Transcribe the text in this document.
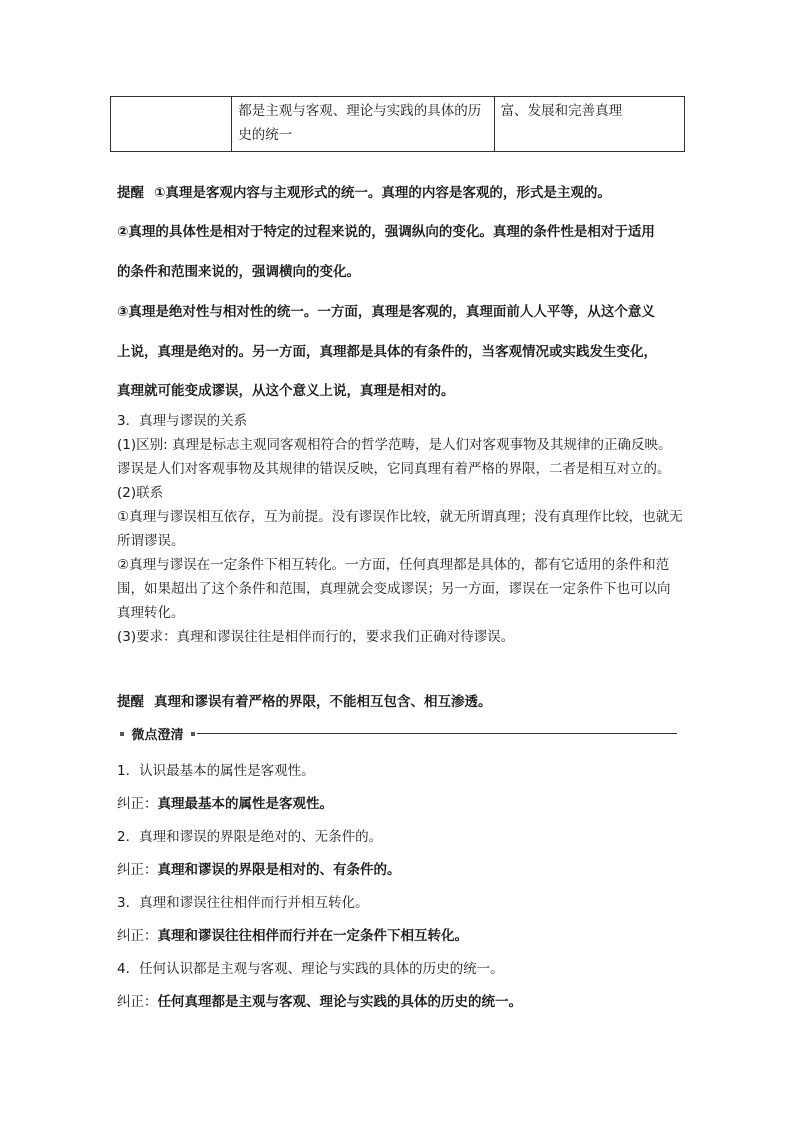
	都是主观与客观、理论与实践的具体的历史的统一	富、发展和完善真理
提醒 ①真理是客观内容与主观形式的统一。真理的内容是客观的，形式是主观的。
②真理的具体性是相对于特定的过程来说的，强调纵向的变化。真理的条件性是相对于适用
的条件和范围来说的，强调横向的变化。
③真理是绝对性与相对性的统一。一方面，真理是客观的，真理面前人人平等，从这个意义
上说，真理是绝对的。另一方面，真理都是具体的有条件的，当客观情况或实践发生变化，
真理就可能变成谬误，从这个意义上说，真理是相对的。

3．真理与谬误的关系

(1)区别: 真理是标志主观同客观相符合的哲学范畴，是人们对客观事物及其规律的正确反映。谬误是人们对客观事物及其规律的错误反映，它同真理有着严格的界限，二者是相互对立的。

(2)联系

①真理与谬误相互依存，互为前提。没有谬误作比较，就无所谓真理；没有真理作比较，也就无所谓谬误。

②真理与谬误在一定条件下相互转化。一方面，任何真理都是具体的，都有它适用的条件和范围，如果超出了这个条件和范围，真理就会变成谬误；另一方面，谬误在一定条件下也可以向真理转化。

(3)要求：真理和谬误往往是相伴而行的，要求我们正确对待谬误。

提醒 真理和谬误有着严格的界限，不能相互包含、相互渗透。
微点澄清
1．认识最基本的属性是客观性。
纠正：真理最基本的属性是客观性。
2．真理和谬误的界限是绝对的、无条件的。
纠正：真理和谬误的界限是相对的、有条件的。
3．真理和谬误往往相伴而行并相互转化。
纠正：真理和谬误往往相伴而行并在一定条件下相互转化。
4．任何认识都是主观与客观、理论与实践的具体的历史的统一。
纠正：任何真理都是主观与客观、理论与实践的具体的历史的统一。
